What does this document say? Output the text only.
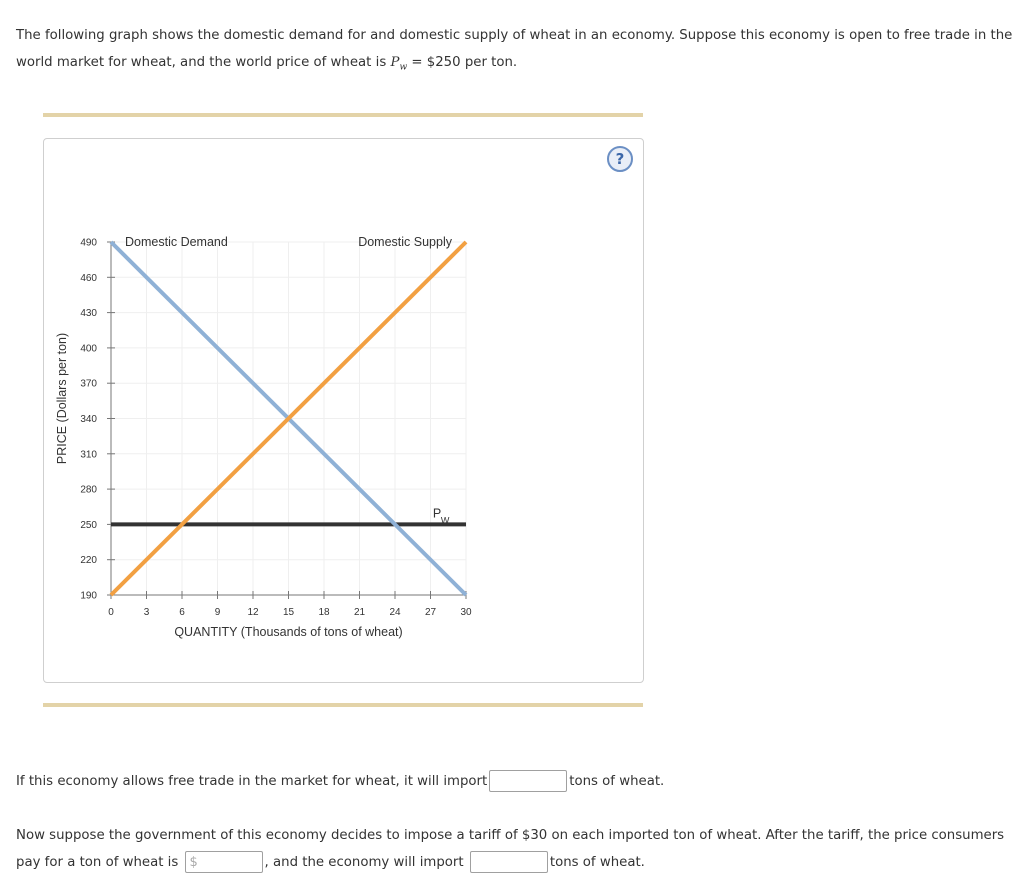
The following graph shows the domestic demand for and domestic supply of wheat in an economy. Suppose this economy is open to free trade in the world market for wheat, and the world price of wheat is $P_w$ = $250 per ton.
?
0	3	6	9	12 15 18 21 24 27 30
190
220
250
280
310
340
370
400
430
460
490
QUANTITY (Thousands of tons of wheat)
PRICE (Dollars per ton)
Domestic Demand	Domestic Supply
P W
If this economy allows free trade in the market for wheat, it will import	tons of wheat.
Now suppose the government of this economy decides to impose a tariff of $30 on each imported ton of wheat. After the tariff, the price consumers
pay for a ton of wheat is $	, and the economy will import	tons of wheat.
